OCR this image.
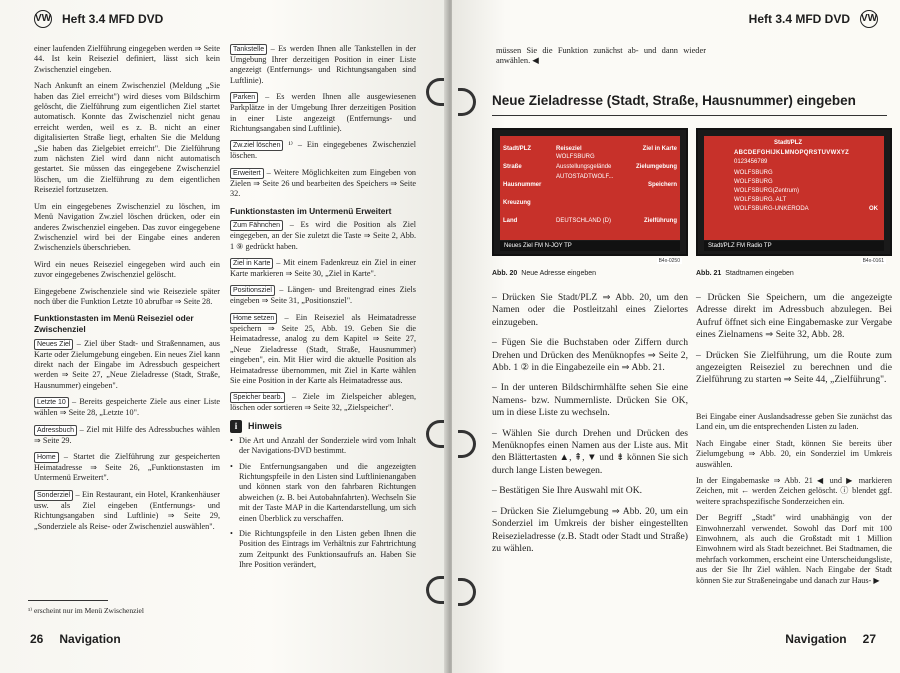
VW Heft 3.4 MFD DVD

einer laufenden Zielführung eingegeben werden ⇒ Seite 44. Ist kein Reiseziel definiert, lässt sich kein Zwischenziel eingeben.

Nach Ankunft an einem Zwischenziel (Meldung „Sie haben das Ziel erreicht") wird dieses vom Bildschirm gelöscht, die Zielführung zum eigentlichen Ziel startet automatisch. Konnte das Zwischenziel nicht genau erreicht werden, weil es z. B. nicht an einer digitalisierten Straße liegt, erhalten Sie die Meldung „Sie haben das Zielgebiet erreicht". Die Zielführung zum nächsten Ziel wird dann nicht automatisch gestartet. Sie müssen das eingegebene Zwischenziel löschen, um die Zielführung zu dem eigentlichen Reiseziel fortzusetzen.

Um ein eingegebenes Zwischenziel zu löschen, im Menü Navigation Zw.ziel löschen drücken, oder ein anderes Zwischenziel eingeben. Das zuvor eingegebene Zwischenziel wird bei der Eingabe eines anderen Zwischenziels überschrieben.

Wird ein neues Reiseziel eingegeben wird auch ein zuvor eingegebenes Zwischenziel gelöscht.

Eingegebene Zwischenziele sind wie Reiseziele später noch über die Funktion Letzte 10 abrufbar ⇒ Seite 28.

Funktionstasten im Menü Reiseziel oder Zwischenziel

Neues Ziel – Ziel über Stadt- und Straßennamen, aus Karte oder Zielumgebung eingeben. Ein neues Ziel kann direkt nach der Eingabe im Adressbuch gespeichert werden ⇒ Seite 27, „Neue Zieladresse (Stadt, Straße, Hausnummer) eingeben".

Letzte 10 – Bereits gespeicherte Ziele aus einer Liste wählen ⇒ Seite 28, „Letzte 10".

Adressbuch – Ziel mit Hilfe des Adressbuches wählen ⇒ Seite 29.

Home – Startet die Zielführung zur gespeicherten Heimatadresse ⇒ Seite 26, „Funktionstasten im Untermenü Erweitert".

Sonderziel – Ein Restaurant, ein Hotel, Krankenhäuser usw. als Ziel eingeben (Entfernungs- und Richtungsangaben sind Luftlinie) ⇒ Seite 29, „Sonderziele als Reise- oder Zwischenziel auswählen".

Tankstelle – Es werden Ihnen alle Tankstellen in der Umgebung Ihrer derzeitigen Position in einer Liste angezeigt (Entfernungs- und Richtungsangaben sind Luftlinie).

Parken – Es werden Ihnen alle ausgewiesenen Parkplätze in der Umgebung Ihrer derzeitigen Position in einer Liste angezeigt (Entfernungs- und Richtungsangaben sind Luftlinie).

Zw.ziel löschen ¹⁾ – Ein eingegebenes Zwischenziel löschen.

Erweitert – Weitere Möglichkeiten zum Eingeben von Zielen ⇒ Seite 26 und bearbeiten des Speichers ⇒ Seite 32.

Funktionstasten im Untermenü Erweitert

Zum Fähnchen – Es wird die Position als Ziel eingegeben, an der Sie zuletzt die Taste ⇒ Seite 2, Abb. 1 ⑨ gedrückt haben.

Ziel in Karte – Mit einem Fadenkreuz ein Ziel in einer Karte markieren ⇒ Seite 30, „Ziel in Karte".

Positionsziel – Längen- und Breitengrad eines Ziels eingeben ⇒ Seite 31, „Positionsziel".

Home setzen – Ein Reiseziel als Heimatadresse speichern ⇒ Seite 25, Abb. 19. Geben Sie die Heimatadresse, analog zu dem Kapitel ⇒ Seite 27, „Neue Zieladresse (Stadt, Straße, Hausnummer) eingeben", ein. Mit Hier wird die aktuelle Position als Heimatadresse übernommen, mit Ziel in Karte wählen Sie eine Position in der Karte als Heimatadresse aus.

Speicher bearb. – Ziele im Zielspeicher ablegen, löschen oder sortieren ⇒ Seite 32, „Zielspeicher".

i	Hinweis
• Die Art und Anzahl der Sonderziele wird vom Inhalt der Navigations-DVD bestimmt.
• Die Entfernungsangaben und die angezeigten Richtungspfeile in den Listen sind Luftlinienangaben und können stark von den fahrbaren Richtungen abweichen (z. B. bei Autobahnfahrten). Wechseln Sie mit der Taste MAP in die Kartendarstellung, um sich einen Überblick zu verschaffen.
• Die Richtungspfeile in den Listen geben Ihnen die Position des Eintrags im Verhältnis zur Fahrtrichtung zum Zeitpunkt des Funktionsaufrufs an. Haben Sie Ihre Position verändert,
¹⁾ erscheint nur im Menü Zwischenziel
26 Navigation
Heft 3.4 MFD DVD VW

müssen Sie die Funktion zunächst ab- und dann wieder anwählen. ◀

Neue Zieladresse (Stadt, Straße, Hausnummer) eingeben
Stadt/PLZ
Straße
Hausnummer
Kreuzung
Land
Reiseziel
WOLFSBURG
Ausstellungsgelände
AUTOSTADTWOLF...
DEUTSCHLAND (D)
Ziel in Karte
Zielumgebung
Speichern
Zielführung
Neues Ziel FM N-JOY TP
B4x-0250
Abb. 20 Neue Adresse eingeben
Stadt/PLZ
ABCDEFGHIJKLMNOPQRSTUVWXYZ
0123456789
WOLFSBURG
WOLFSBURG
WOLFSBURG(Zentrum)
WOLFSBURG. ALT
WOLFSBURG-UNKERODA	OK
Stadt/PLZ FM Radio TP
B4x-0161
Abb. 21 Stadtnamen eingeben

– Drücken Sie Stadt/PLZ ⇒ Abb. 20, um den Namen oder die Postleitzahl eines Zielortes einzugeben.

– Fügen Sie die Buchstaben oder Ziffern durch Drehen und Drücken des Menüknopfes ⇒ Seite 2, Abb. 1 ② in die Eingabezeile ein ⇒ Abb. 21.

– In der unteren Bildschirmhälfte sehen Sie eine Namens- bzw. Nummernliste. Drücken Sie OK, um in diese Liste zu wechseln.

– Wählen Sie durch Drehen und Drücken des Menüknopfes einen Namen aus der Liste aus. Mit den Blättertasten ▲, ⇞, ▼ und ⇟ können Sie sich durch lange Listen bewegen.

– Bestätigen Sie Ihre Auswahl mit OK.

– Drücken Sie Zielumgebung ⇒ Abb. 20, um ein Sonderziel im Umkreis der bisher eingestellten Reisezieladresse (z.B. Stadt oder Stadt und Straße) zu wählen.

– Drücken Sie Speichern, um die angezeigte Adresse direkt im Adressbuch abzulegen. Bei Aufruf öffnet sich eine Eingabemaske zur Vergabe eines Zielnamens ⇒ Seite 32, Abb. 28.

– Drücken Sie Zielführung, um die Route zum angezeigten Reiseziel zu berechnen und die Zielführung zu starten ⇒ Seite 44, „Zielführung".

Bei Eingabe einer Auslandsadresse geben Sie zunächst das Land ein, um die entsprechenden Listen zu laden.

Nach Eingabe einer Stadt, können Sie bereits über Zielumgebung ⇒ Abb. 20, ein Sonderziel im Umkreis auswählen.

In der Eingabemaske ⇒ Abb. 21 ◀ und ▶ markieren Zeichen, mit ← werden Zeichen gelöscht. ⓘ blendet ggf. weitere sprachspezifische Sonderzeichen ein.

Der Begriff „Stadt" wird unabhängig von der Einwohnerzahl verwendet. Sowohl das Dorf mit 100 Einwohnern, als auch die Großstadt mit 1 Million Einwohnern wird als Stadt bezeichnet. Bei Stadtnamen, die mehrfach vorkommen, erscheint eine Unterscheidungsliste, aus der Sie Ihr Ziel wählen. Nach Eingabe der Stadt können Sie zur Straßeneingabe und danach zur Haus- ▶

Navigation 27
